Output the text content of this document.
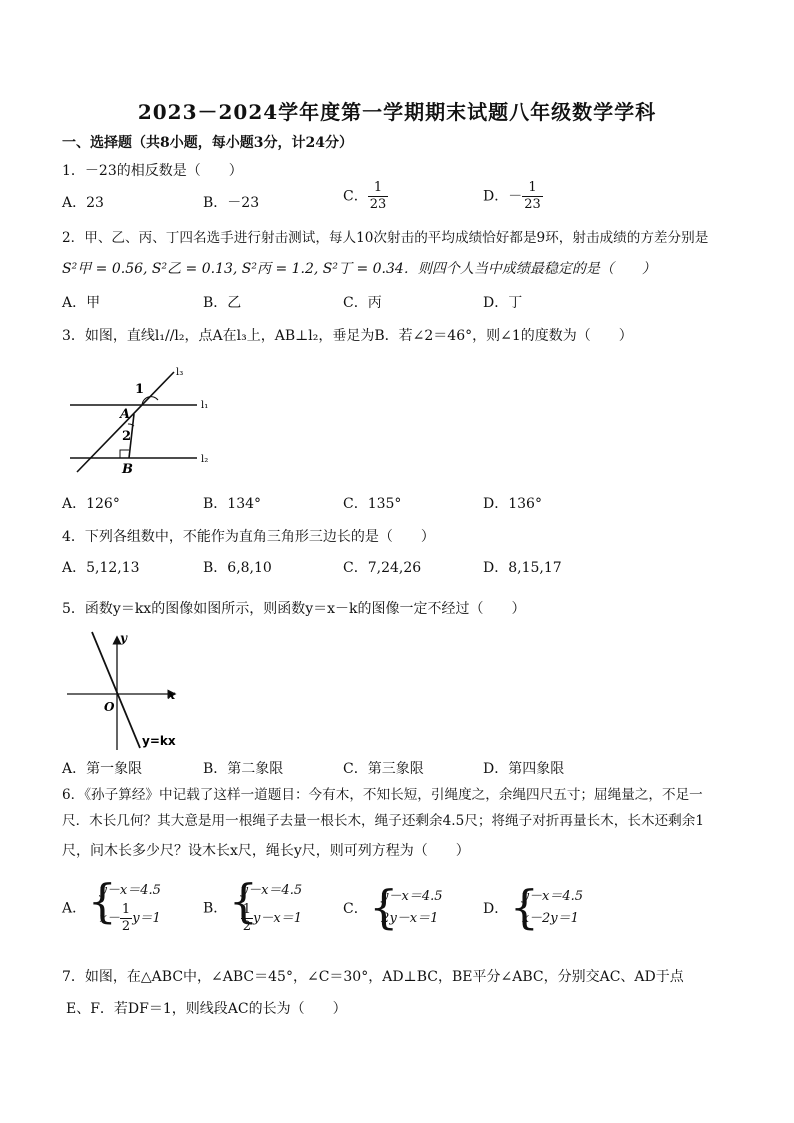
2023－2024学年度第一学期期末试题八年级数学学科
一、选择题（共8小题，每小题3分，计24分）
1．－23的相反数是（　　）
A．23	B．－23	C． $\frac{1}{23}$	D．－ $\frac{1}{23}$
2．甲、乙、丙、丁四名选手进行射击测试，每人10次射击的平均成绩恰好都是9环，射击成绩的方差分别是
S²甲 = 0.56, S²乙 = 0.13, S²丙 = 1.2, S²丁 = 0.34．则四个人当中成绩最稳定的是（　　）
A．甲	B．乙	C．丙	D．丁
3．如图，直线l₁//l₂，点A在l₃上，AB⊥l₂，垂足为B．若∠2＝46°，则∠1的度数为（　　）
l₃
l₁
l₂
1
2
A
B
A．126°	B．134°	C．135°	D．136°
4．下列各组数中，不能作为直角三角形三边长的是（　　）
A．5,12,13	B．6,8,10	C．7,24,26	D．8,15,17
5．函数y＝kx的图像如图所示，则函数y＝x－k的图像一定不经过（　　）
y
x
O
y=kx
A．第一象限	B．第二象限	C．第三象限	D．第四象限
6．《孙子算经》中记载了这样一道题目：今有木，不知长短，引绳度之，余绳四尺五寸；屈绳量之，不足一
尺．木长几何？其大意是用一根绳子去量一根长木，绳子还剩余4.5尺；将绳子对折再量长木，长木还剩余1
尺，问木长多少尺？设木长x尺，绳长y尺，则可列方程为（　　）
A．
{ y－x＝4.5
$x- \frac{1}{2} y=1$
B．
{ y－x＝4.5
$\frac{1}{2} y-x=1$
C．
{ y－x＝4.5
2y－x＝1
D．
{ y－x＝4.5
x－2y＝1
7．如图，在△ABC中，∠ABC＝45°，∠C＝30°，AD⊥BC，BE平分∠ABC，分别交AC、AD于点
E、F．若DF＝1，则线段AC的长为（　　）
